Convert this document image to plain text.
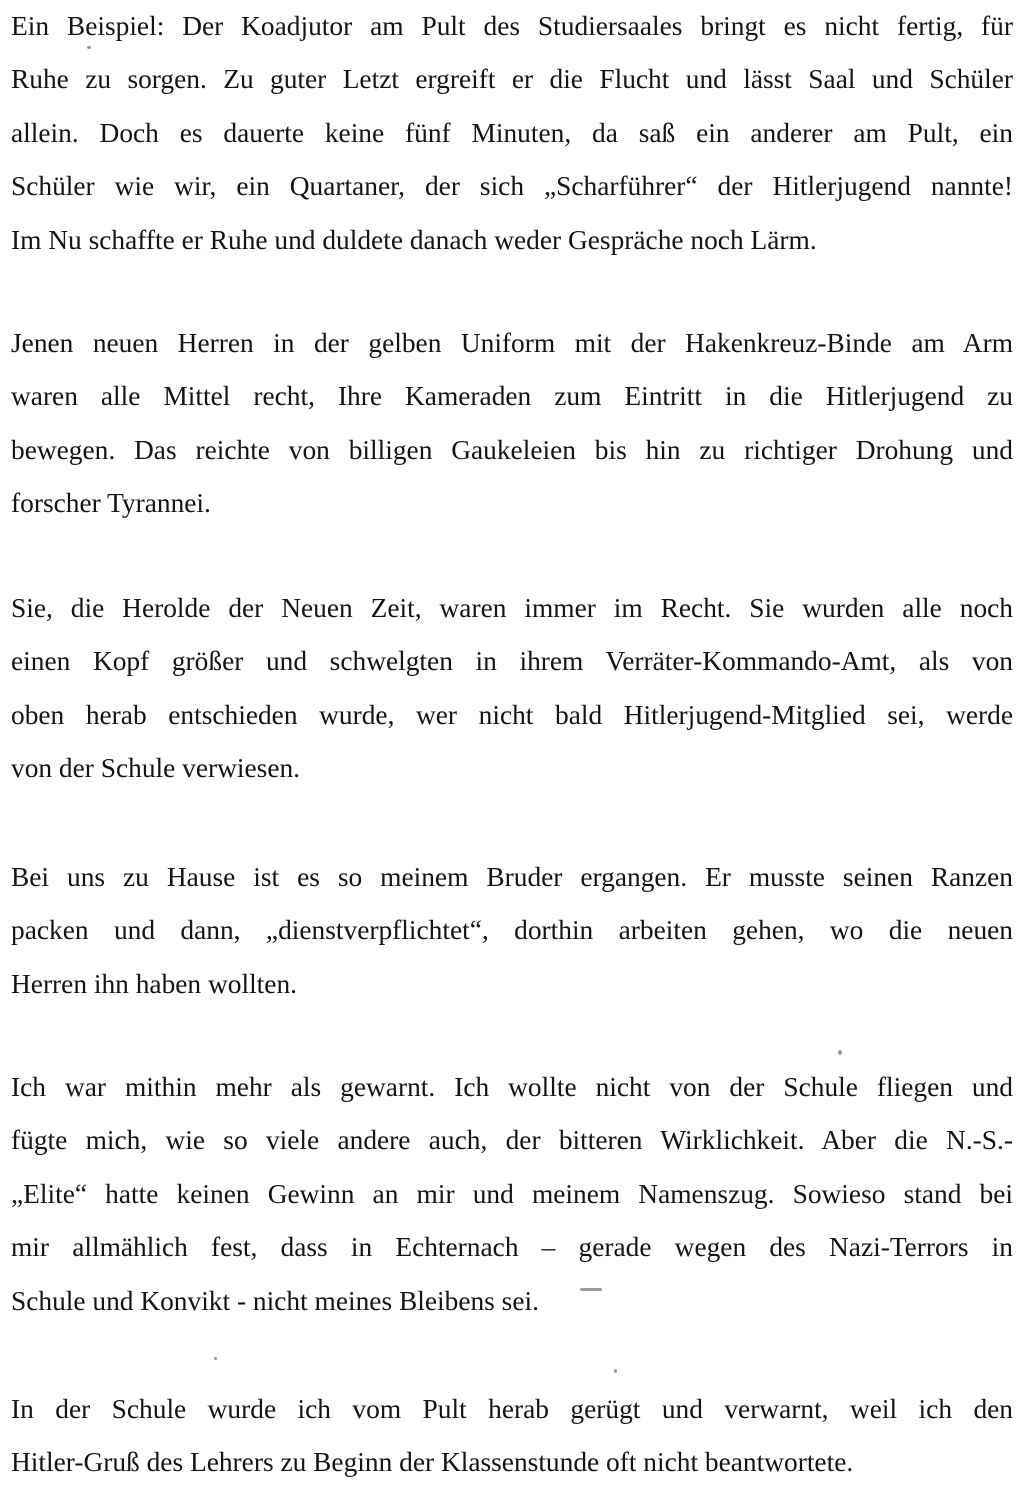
Ein Beispiel: Der Koadjutor am Pult des Studiersaales bringt es nicht fertig, für
Ruhe zu sorgen. Zu guter Letzt ergreift er die Flucht und lässt Saal und Schüler
allein. Doch es dauerte keine fünf Minuten, da saß ein anderer am Pult, ein
Schüler wie wir, ein Quartaner, der sich „Scharführer“ der Hitlerjugend nannte!
Im Nu schaffte er Ruhe und duldete danach weder Gespräche noch Lärm.
Jenen neuen Herren in der gelben Uniform mit der Hakenkreuz-Binde am Arm
waren alle Mittel recht, Ihre Kameraden zum Eintritt in die Hitlerjugend zu
bewegen. Das reichte von billigen Gaukeleien bis hin zu richtiger Drohung und
forscher Tyrannei.
Sie, die Herolde der Neuen Zeit, waren immer im Recht. Sie wurden alle noch
einen Kopf größer und schwelgten in ihrem Verräter-Kommando-Amt, als von
oben herab entschieden wurde, wer nicht bald Hitlerjugend-Mitglied sei, werde
von der Schule verwiesen.
Bei uns zu Hause ist es so meinem Bruder ergangen. Er musste seinen Ranzen
packen und dann, „dienstverpflichtet“, dorthin arbeiten gehen, wo die neuen
Herren ihn haben wollten.
Ich war mithin mehr als gewarnt. Ich wollte nicht von der Schule fliegen und
fügte mich, wie so viele andere auch, der bitteren Wirklichkeit. Aber die N.-S.-
„Elite“ hatte keinen Gewinn an mir und meinem Namenszug. Sowieso stand bei
mir allmählich fest, dass in Echternach – gerade wegen des Nazi-Terrors in
Schule und Konvikt - nicht meines Bleibens sei.
In der Schule wurde ich vom Pult herab gerügt und verwarnt, weil ich den
Hitler-Gruß des Lehrers zu Beginn der Klassenstunde oft nicht beantwortete.
